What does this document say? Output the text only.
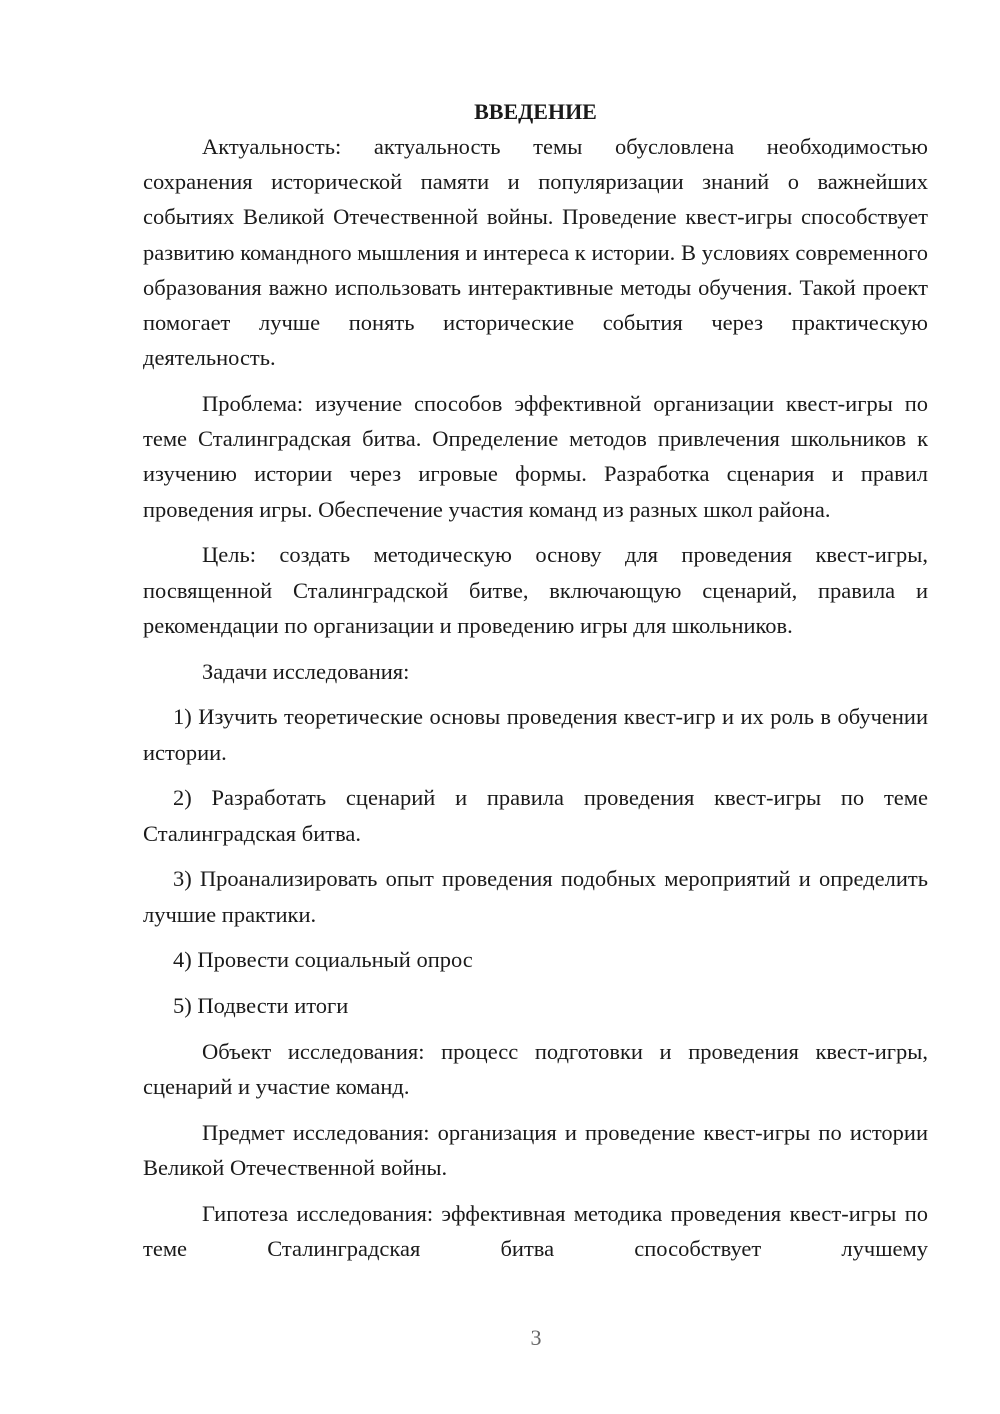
ВВЕДЕНИЕ

Актуальность: актуальность темы обусловлена необходимостью сохранения исторической памяти и популяризации знаний о важнейших событиях Великой Отечественной войны. Проведение квест-игры способствует развитию командного мышления и интереса к истории. В условиях современного образования важно использовать интерактивные методы обучения. Такой проект помогает лучше понять исторические события через практическую деятельность.

Проблема: изучение способов эффективной организации квест-игры по теме Сталинградская битва. Определение методов привлечения школьников к изучению истории через игровые формы. Разработка сценария и правил проведения игры. Обеспечение участия команд из разных школ района.

Цель: создать методическую основу для проведения квест-игры, посвященной Сталинградской битве, включающую сценарий, правила и рекомендации по организации и проведению игры для школьников.

Задачи исследования:

1) Изучить теоретические основы проведения квест-игр и их роль в обучении истории.

2) Разработать сценарий и правила проведения квест-игры по теме Сталинградская битва.

3) Проанализировать опыт проведения подобных мероприятий и определить лучшие практики.

4) Провести социальный опрос

5) Подвести итоги

Объект исследования: процесс подготовки и проведения квест-игры, сценарий и участие команд.

Предмет исследования: организация и проведение квест-игры по истории Великой Отечественной войны.

Гипотеза исследования: эффективная методика проведения квест-игры по теме Сталинградская битва способствует лучшему

3
